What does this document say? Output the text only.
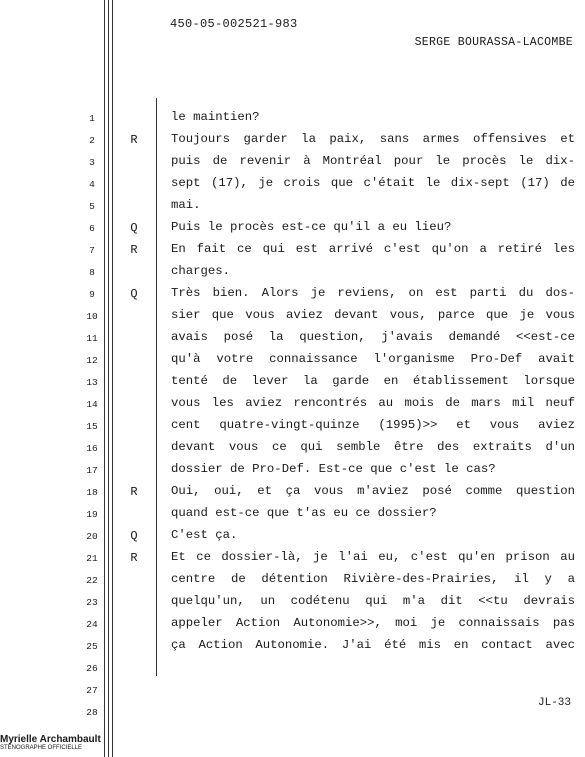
450-05-002521-983
SERGE BOURASSA-LACOMBE
1	le maintien?
2	R	Toujours garder la paix, sans armes offensives et
3	puis de revenir à Montréal pour le procès le dix-
4	sept (17), je crois que c'était le dix-sept (17) de
5	mai.
6	Q	Puis le procès est-ce qu'il a eu lieu?
7	R	En fait ce qui est arrivé c'est qu'on a retiré les
8	charges.
9	Q	Très bien. Alors je reviens, on est parti du dos-
10	sier que vous aviez devant vous, parce que je vous
11	avais posé la question, j'avais demandé <<est-ce
12	qu'à votre connaissance l'organisme Pro-Def avait
13	tenté de lever la garde en établissement lorsque
14	vous les aviez rencontrés au mois de mars mil neuf
15	cent quatre-vingt-quinze (1995)>> et vous aviez
16	devant vous ce qui semble être des extraits d'un
17	dossier de Pro-Def. Est-ce que c'est le cas?
18	R	Oui, oui, et ça vous m'aviez posé comme question
19	quand est-ce que t'as eu ce dossier?
20	Q	C'est ça.
21	R	Et ce dossier-là, je l'ai eu, c'est qu'en prison au
22	centre de détention Rivière-des-Prairies, il y a
23	quelqu'un, un codétenu qui m'a dit <<tu devrais
24	appeler Action Autonomie>>, moi je connaissais pas
25	ça Action Autonomie. J'ai été mis en contact avec
26
27
28
JL-33
Myrielle Archambault
STÉNOGRAPHE OFFICIELLE
